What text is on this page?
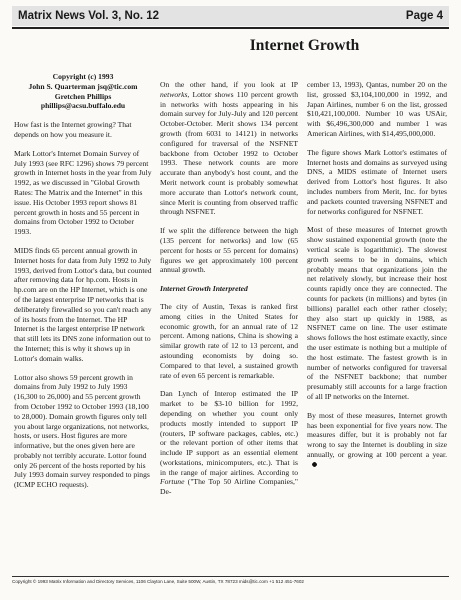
Matrix News Vol. 3, No. 12	Page 4
Internet Growth
Copyright (c) 1993
John S. Quarterman jsq@tic.com
Gretchen Phillips
phillips@acsu.buffalo.edu

How fast is the Internet growing? That depends on how you measure it.

Mark Lottor's Internet Domain Survey of July 1993 (see RFC 1296) shows 79 percent growth in Internet hosts in the year from July 1992, as we discussed in "Global Growth Rates: The Matrix and the Internet" in this issue. His October 1993 report shows 81 percent growth in hosts and 55 percent in domains from October 1992 to October 1993.

MIDS finds 65 percent annual growth in Internet hosts for data from July 1992 to July 1993, derived from Lottor's data, but counted after removing data for hp.com. Hosts in hp.com are on the HP Internet, which is one of the largest enterprise IP networks that is deliberately firewalled so you can't reach any of its hosts from the Internet. The HP Internet is the largest enterprise IP network that still lets its DNS zone information out to the Internet; this is why it shows up in Lottor's domain walks.

Lottor also shows 59 percent growth in domains from July 1992 to July 1993 (16,300 to 26,000) and 55 percent growth from October 1992 to October 1993 (18,100 to 28,000). Domain growth figures only tell you about large organizations, not networks, hosts, or users. Host figures are more informative, but the ones given here are probably not terribly accurate. Lottor found only 26 percent of the hosts reported by his July 1993 domain survey responded to pings (ICMP ECHO requests).

On the other hand, if you look at IP networks, Lottor shows 110 percent growth in networks with hosts appearing in his domain survey for July-July and 120 percent October-October. Merit shows 134 percent growth (from 6031 to 14121) in networks configured for traversal of the NSFNET backbone from October 1992 to October 1993. These network counts are more accurate than anybody's host count, and the Merit network count is probably somewhat more accurate than Lottor's network count, since Merit is counting from observed traffic through NSFNET.

If we split the difference between the high (135 percent for networks) and low (65 percent for hosts or 55 percent for domains) figures we get approximately 100 percent annual growth.

Internet Growth Interpreted

The city of Austin, Texas is ranked first among cities in the United States for economic growth, for an annual rate of 12 percent. Among nations, China is showing a similar growth rate of 12 to 13 percent, and astounding economists by doing so. Compared to that level, a sustained growth rate of even 65 percent is remarkable.

Dan Lynch of Interop estimated the IP market to be $3-10 billion for 1992, depending on whether you count only products mostly intended to support IP (routers, IP software packages, cables, etc.) or the relevant portion of other items that include IP support as an essential element (workstations, minicomputers, etc.). That is in the range of major airlines. According to Fortune ("The Top 50 Airline Companies," De-

cember 13, 1993), Qantas, number 20 on the list, grossed $3,104,100,000 in 1992, and Japan Airlines, number 6 on the list, grossed $10,421,100,000. Number 10 was USAir, with $6,496,300,000 and number 1 was American Airlines, with $14,495,000,000.

The figure shows Mark Lottor's estimates of Internet hosts and domains as surveyed using DNS, a MIDS estimate of Internet users derived from Lottor's host figures. It also includes numbers from Merit, Inc. for bytes and packets counted traversing NSFNET and for networks configured for NSFNET.

Most of these measures of Internet growth show sustained exponential growth (note the vertical scale is logarithmic). The slowest growth seems to be in domains, which probably means that organizations join the net relatively slowly, but increase their host counts rapidly once they are connected. The counts for packets (in millions) and bytes (in billions) parallel each other rather closely; they also start up quickly in 1988, as NSFNET came on line. The user estimate shows follows the host estimate exactly, since the user estimate is nothing but a multiple of the host estimate. The fastest growth is in number of networks configured for traversal of the NSFNET backbone; that number presumably still accounts for a large fraction of all IP networks on the Internet.

By most of these measures, Internet growth has been exponential for five years now. The measures differ, but it is probably not far wrong to say the Internet is doubling in size annually, or growing at 100 percent a year.

Copyright © 1993 Matrix Information and Directory Services, 1106 Clayton Lane, Suite 500W, Austin, TX 78723 mids@tic.com +1 512 451-7602
